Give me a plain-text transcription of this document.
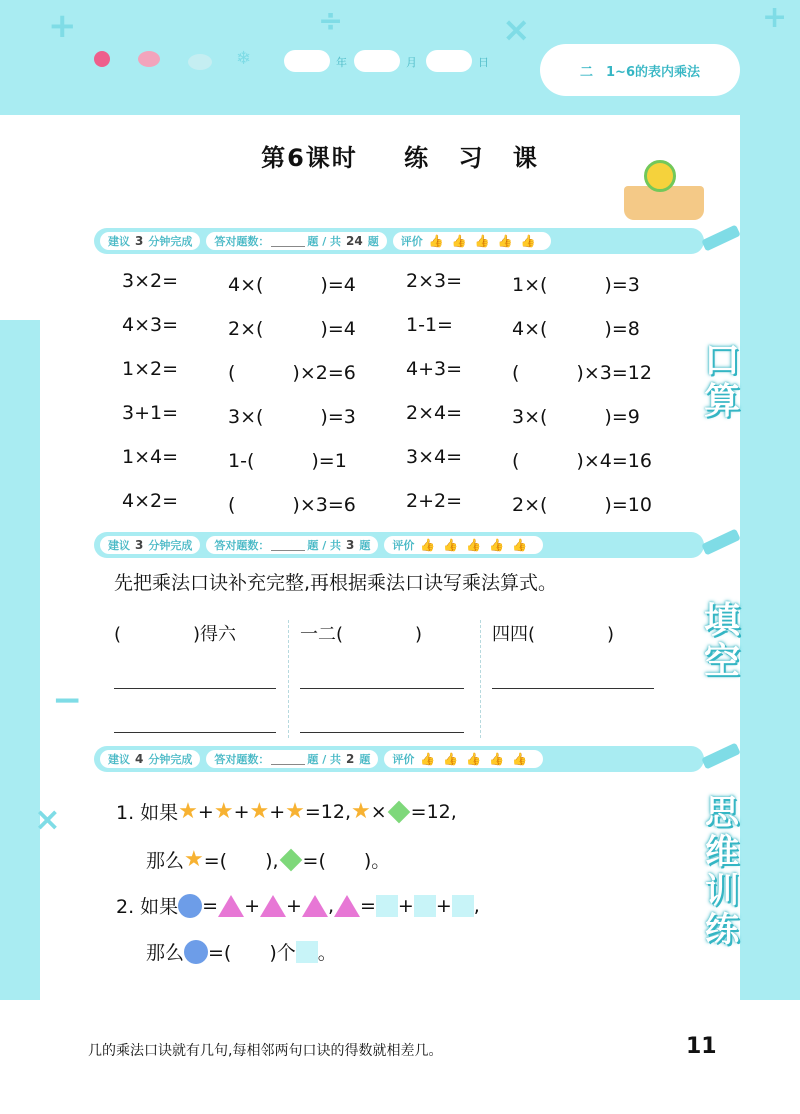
+	÷	×	+
−
×
❄	年	月	日
二　1~6的表内乘法
第6课时 练 习 课
建议 3 分钟完成 答对题数：	题 / 共 24 题 评价 👍👍👍👍👍
建议 3 分钟完成 答对题数：	题 / 共 3 题 评价 👍👍👍👍👍
建议 4 分钟完成 答对题数：	题 / 共 2 题 评价 👍👍👍👍👍
3×2=	4×(　　　)=4	2×3=	1×(　　　)=3
4×3=	2×(　　　)=4	1-1=	4×(　　　)=8
1×2=	(　　　)×2=6	4+3=	(　　　)×3=12
3+1=	3×(　　　)=3	2×4=	3×(　　　)=9
1×4=	1-(　　　)=1	3×4=	(　　　)×4=16
4×2=	(　　　)×3=6	2+2=	2×(　　　)=10
口
算
先把乘法口诀补充完整,再根据乘法口诀写乘法算式。
(　　　　)得六	一二(　　　　)	四四(　　　　) 填
空
1. 如果 ★ + ★ + ★ + ★ =12, ★ × =12,
那么 ★ =(　　), =(　　)。
2. 如果 = + + , = + + ,
那么 =(　　)个 。
思
维
训
练
几的乘法口诀就有几句,每相邻两句口诀的得数就相差几。	11
